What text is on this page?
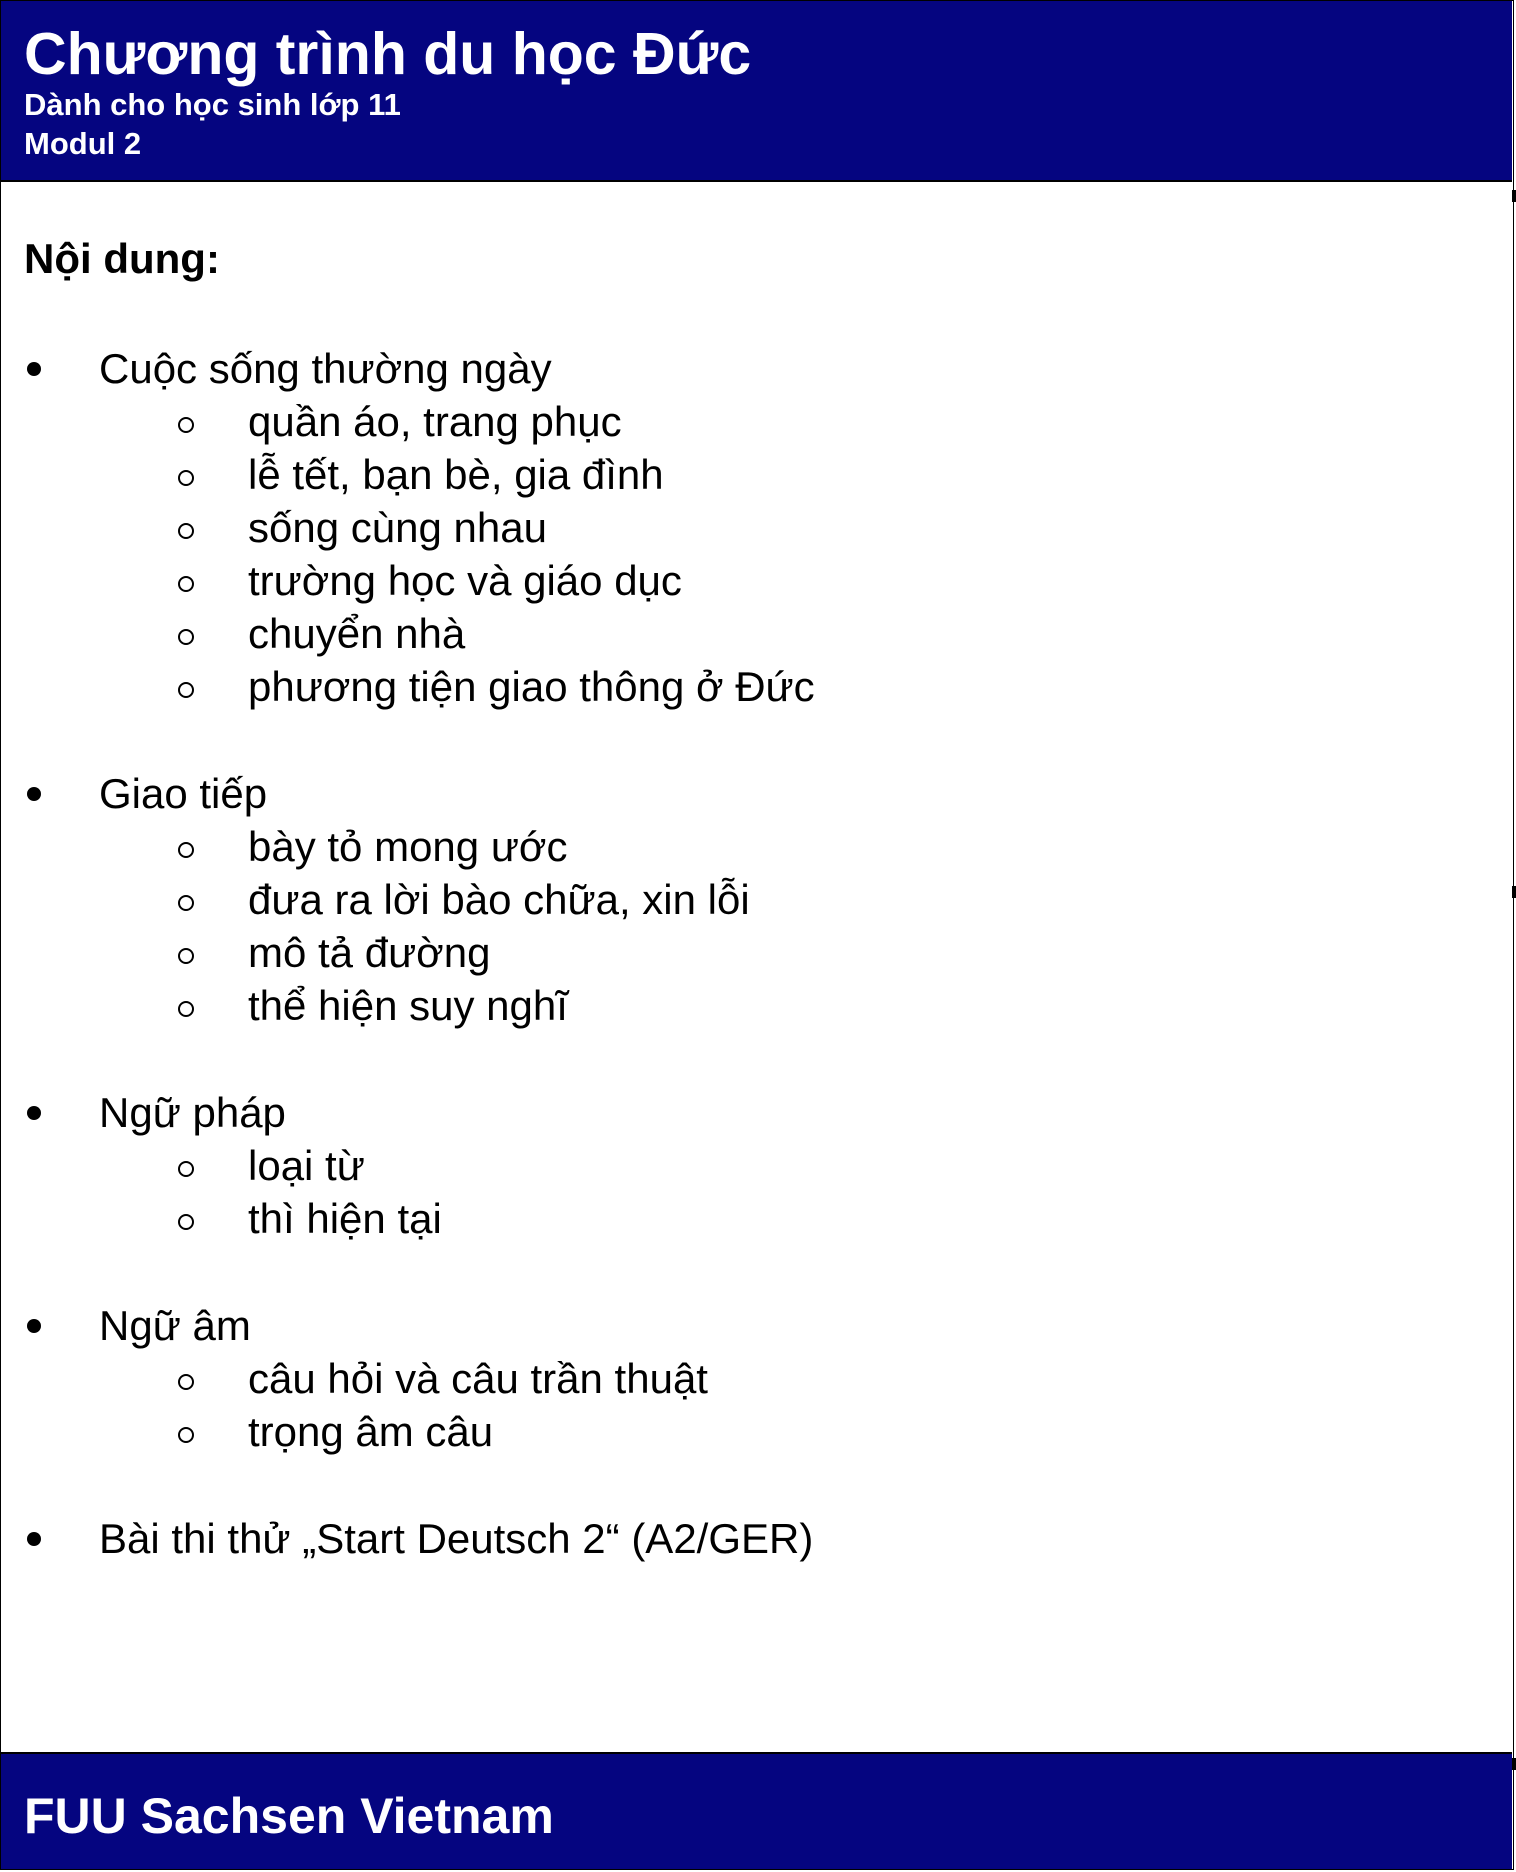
Chương trình du học Đức
Dành cho học sinh lớp 11
Modul 2
Nội dung:
Cuộc sống thường ngày
quần áo, trang phục
lễ tết, bạn bè, gia đình
sống cùng nhau
trường học và giáo dục
chuyển nhà
phương tiện giao thông ở Đức
Giao tiếp
bày tỏ mong ước
đưa ra lời bào chữa, xin lỗi
mô tả đường
thể hiện suy nghĩ
Ngữ pháp
loại từ
thì hiện tại
Ngữ âm
câu hỏi và câu trần thuật
trọng âm câu
Bài thi thử „Start Deutsch 2“ (A2/GER)
FUU Sachsen Vietnam
